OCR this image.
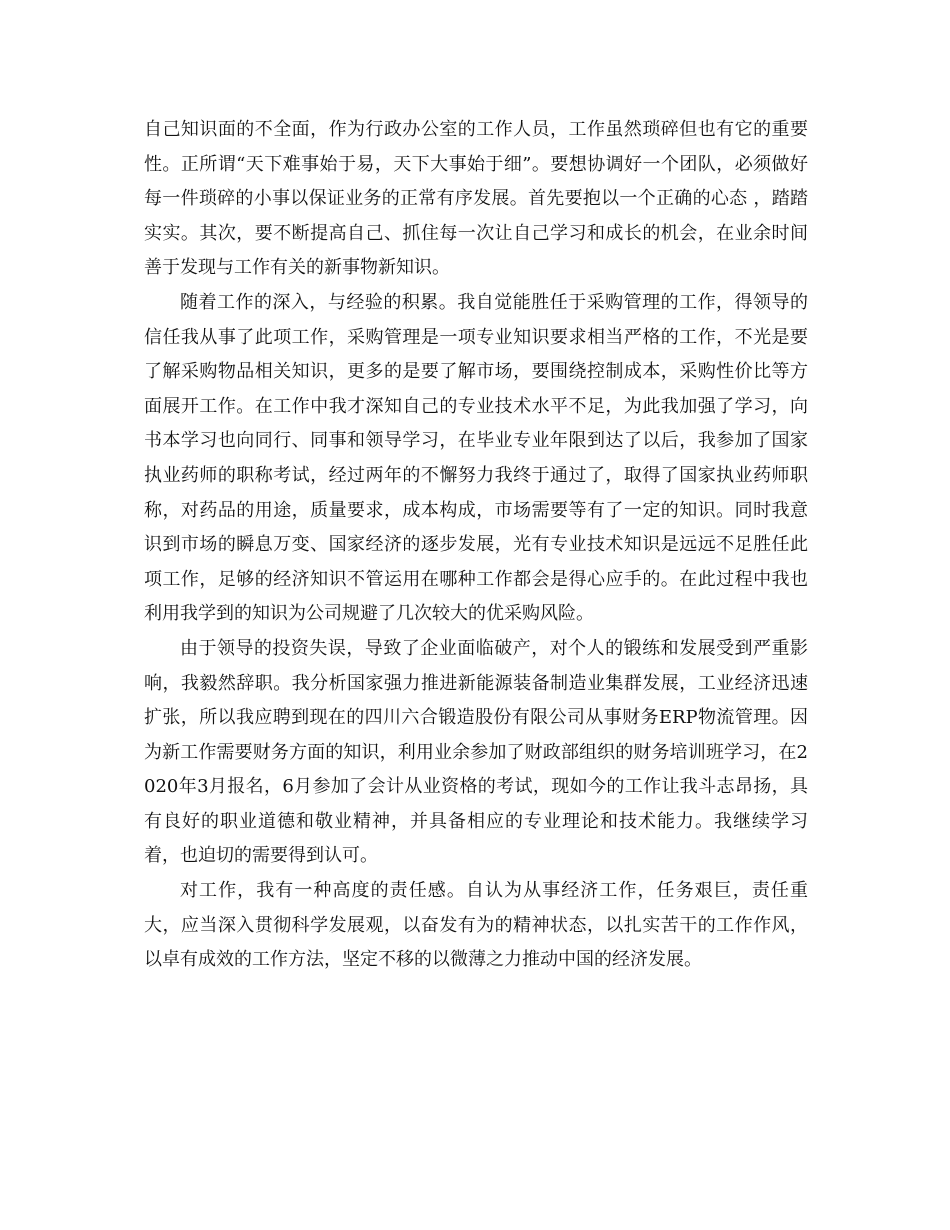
自己知识面的不全面，作为行政办公室的工作人员，工作虽然琐碎但也有它的重要性。正所谓“天下难事始于易，天下大事始于细”。要想协调好一个团队，必须做好每一件琐碎的小事以保证业务的正常有序发展。首先要抱以一个正确的心态 ，踏踏实实。其次，要不断提高自己、抓住每一次让自己学习和成长的机会，在业余时间善于发现与工作有关的新事物新知识。

随着工作的深入，与经验的积累。我自觉能胜任于采购管理的工作，得领导的信任我从事了此项工作，采购管理是一项专业知识要求相当严格的工作，不光是要了解采购物品相关知识，更多的是要了解市场，要围绕控制成本，采购性价比等方面展开工作。在工作中我才深知自己的专业技术水平不足，为此我加强了学习，向书本学习也向同行、同事和领导学习，在毕业专业年限到达了以后，我参加了国家执业药师的职称考试，经过两年的不懈努力我终于通过了，取得了国家执业药师职称，对药品的用途，质量要求，成本构成，市场需要等有了一定的知识。同时我意识到市场的瞬息万变、国家经济的逐步发展，光有专业技术知识是远远不足胜任此项工作，足够的经济知识不管运用在哪种工作都会是得心应手的。在此过程中我也利用我学到的知识为公司规避了几次较大的优采购风险。

由于领导的投资失误，导致了企业面临破产，对个人的锻练和发展受到严重影响，我毅然辞职。我分析国家强力推进新能源装备制造业集群发展，工业经济迅速扩张，所以我应聘到现在的四川六合锻造股份有限公司从事财务ERP物流管理。因为新工作需要财务方面的知识，利用业余参加了财政部组织的财务培训班学习，在2020年3月报名，6月参加了会计从业资格的考试，现如今的工作让我斗志昂扬，具有良好的职业道德和敬业精神，并具备相应的专业理论和技术能力。我继续学习着，也迫切的需要得到认可。

对工作，我有一种高度的责任感。自认为从事经济工作，任务艰巨，责任重大，应当深入贯彻科学发展观，以奋发有为的精神状态，以扎实苦干的工作作风，以卓有成效的工作方法，坚定不移的以微薄之力推动中国的经济发展。
